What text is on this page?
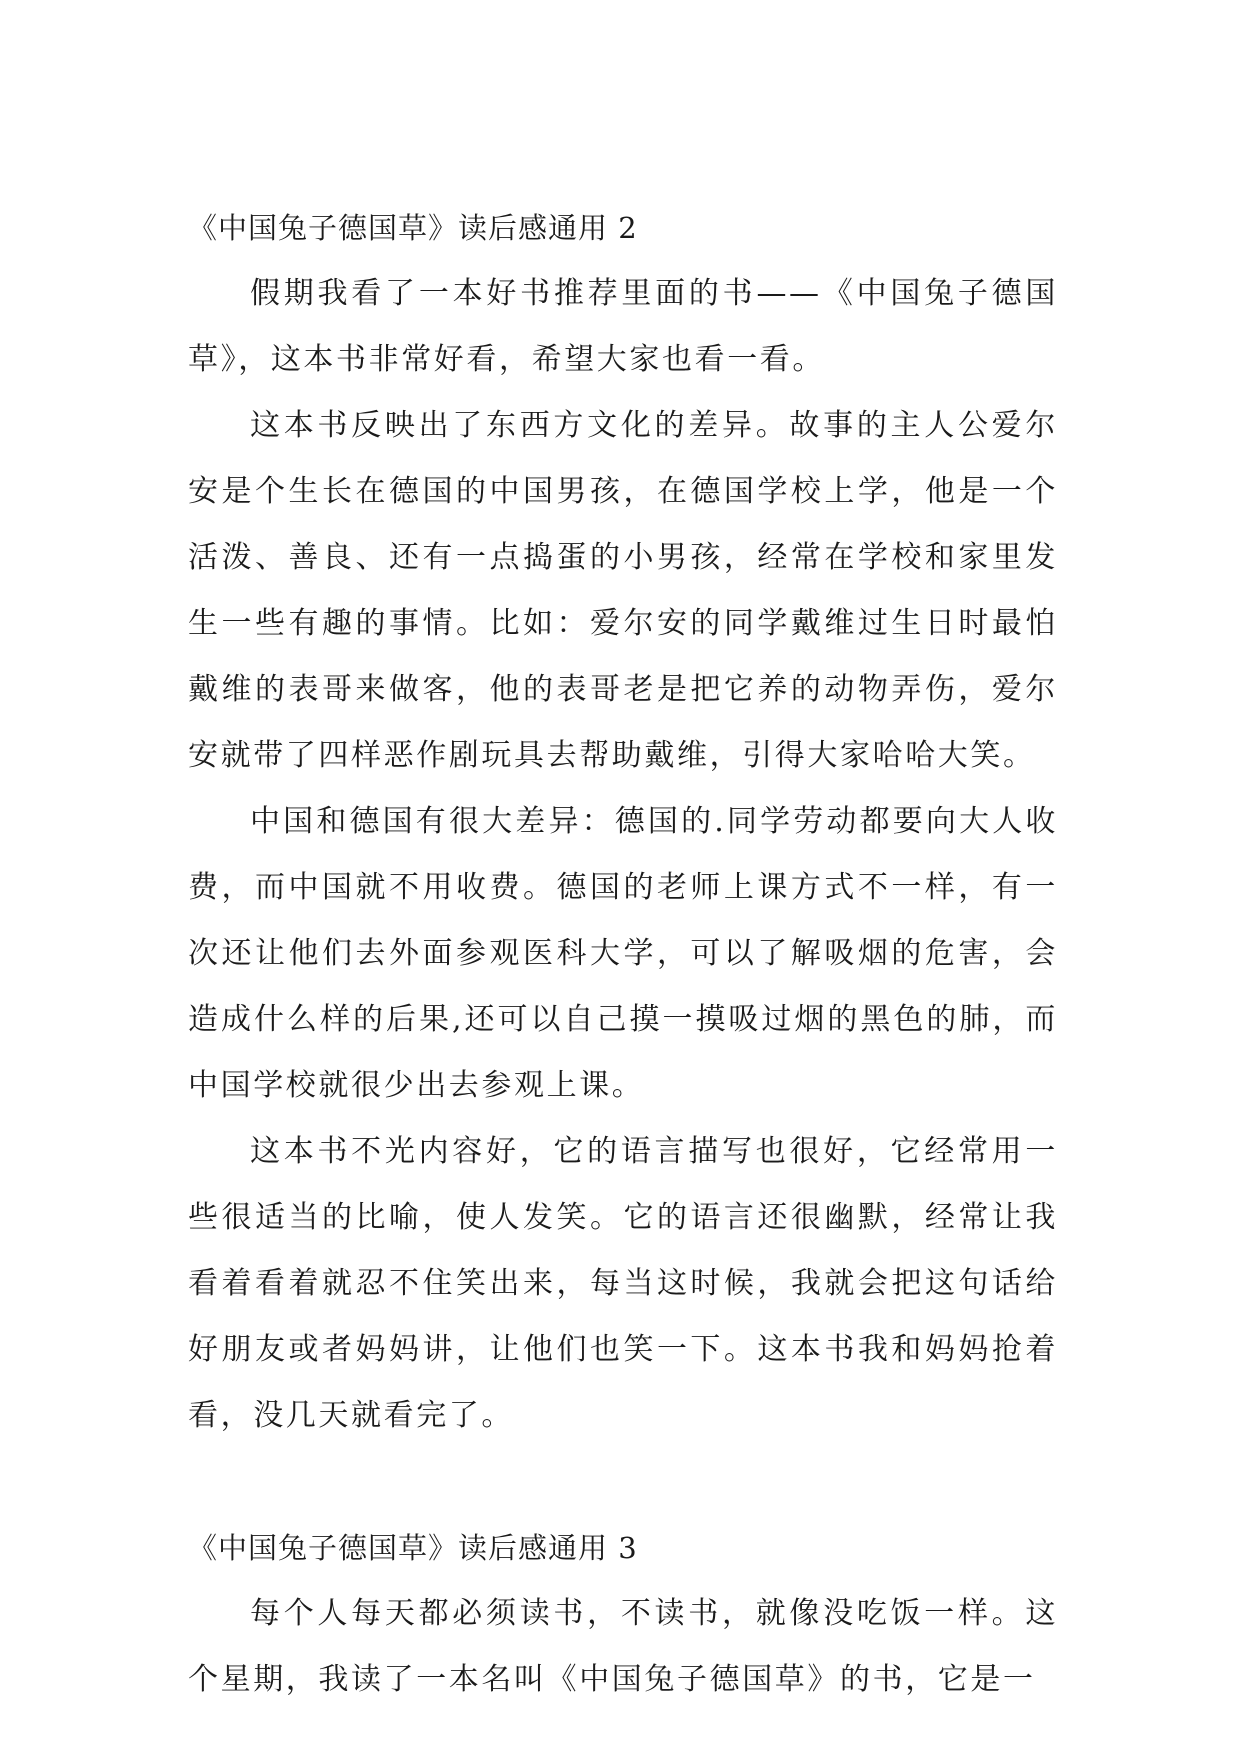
《中国兔子德国草》读后感通用 2

假期我看了一本好书推荐里面的书——《中国兔子德国草》，这本书非常好看，希望大家也看一看。

这本书反映出了东西方文化的差异。故事的主人公爱尔安是个生长在德国的中国男孩，在德国学校上学，他是一个活泼、善良、还有一点捣蛋的小男孩，经常在学校和家里发生一些有趣的事情。比如：爱尔安的同学戴维过生日时最怕戴维的表哥来做客，他的表哥老是把它养的动物弄伤，爱尔安就带了四样恶作剧玩具去帮助戴维，引得大家哈哈大笑。

中国和德国有很大差异：德国的.同学劳动都要向大人收费，而中国就不用收费。德国的老师上课方式不一样，有一次还让他们去外面参观医科大学，可以了解吸烟的危害，会造成什么样的后果,还可以自己摸一摸吸过烟的黑色的肺，而中国学校就很少出去参观上课。

这本书不光内容好，它的语言描写也很好，它经常用一些很适当的比喻，使人发笑。它的语言还很幽默，经常让我看着看着就忍不住笑出来，每当这时候，我就会把这句话给好朋友或者妈妈讲，让他们也笑一下。这本书我和妈妈抢着看，没几天就看完了。

《中国兔子德国草》读后感通用 3

每个人每天都必须读书，不读书，就像没吃饭一样。这个星期，我读了一本名叫《中国兔子德国草》的书，它是一
